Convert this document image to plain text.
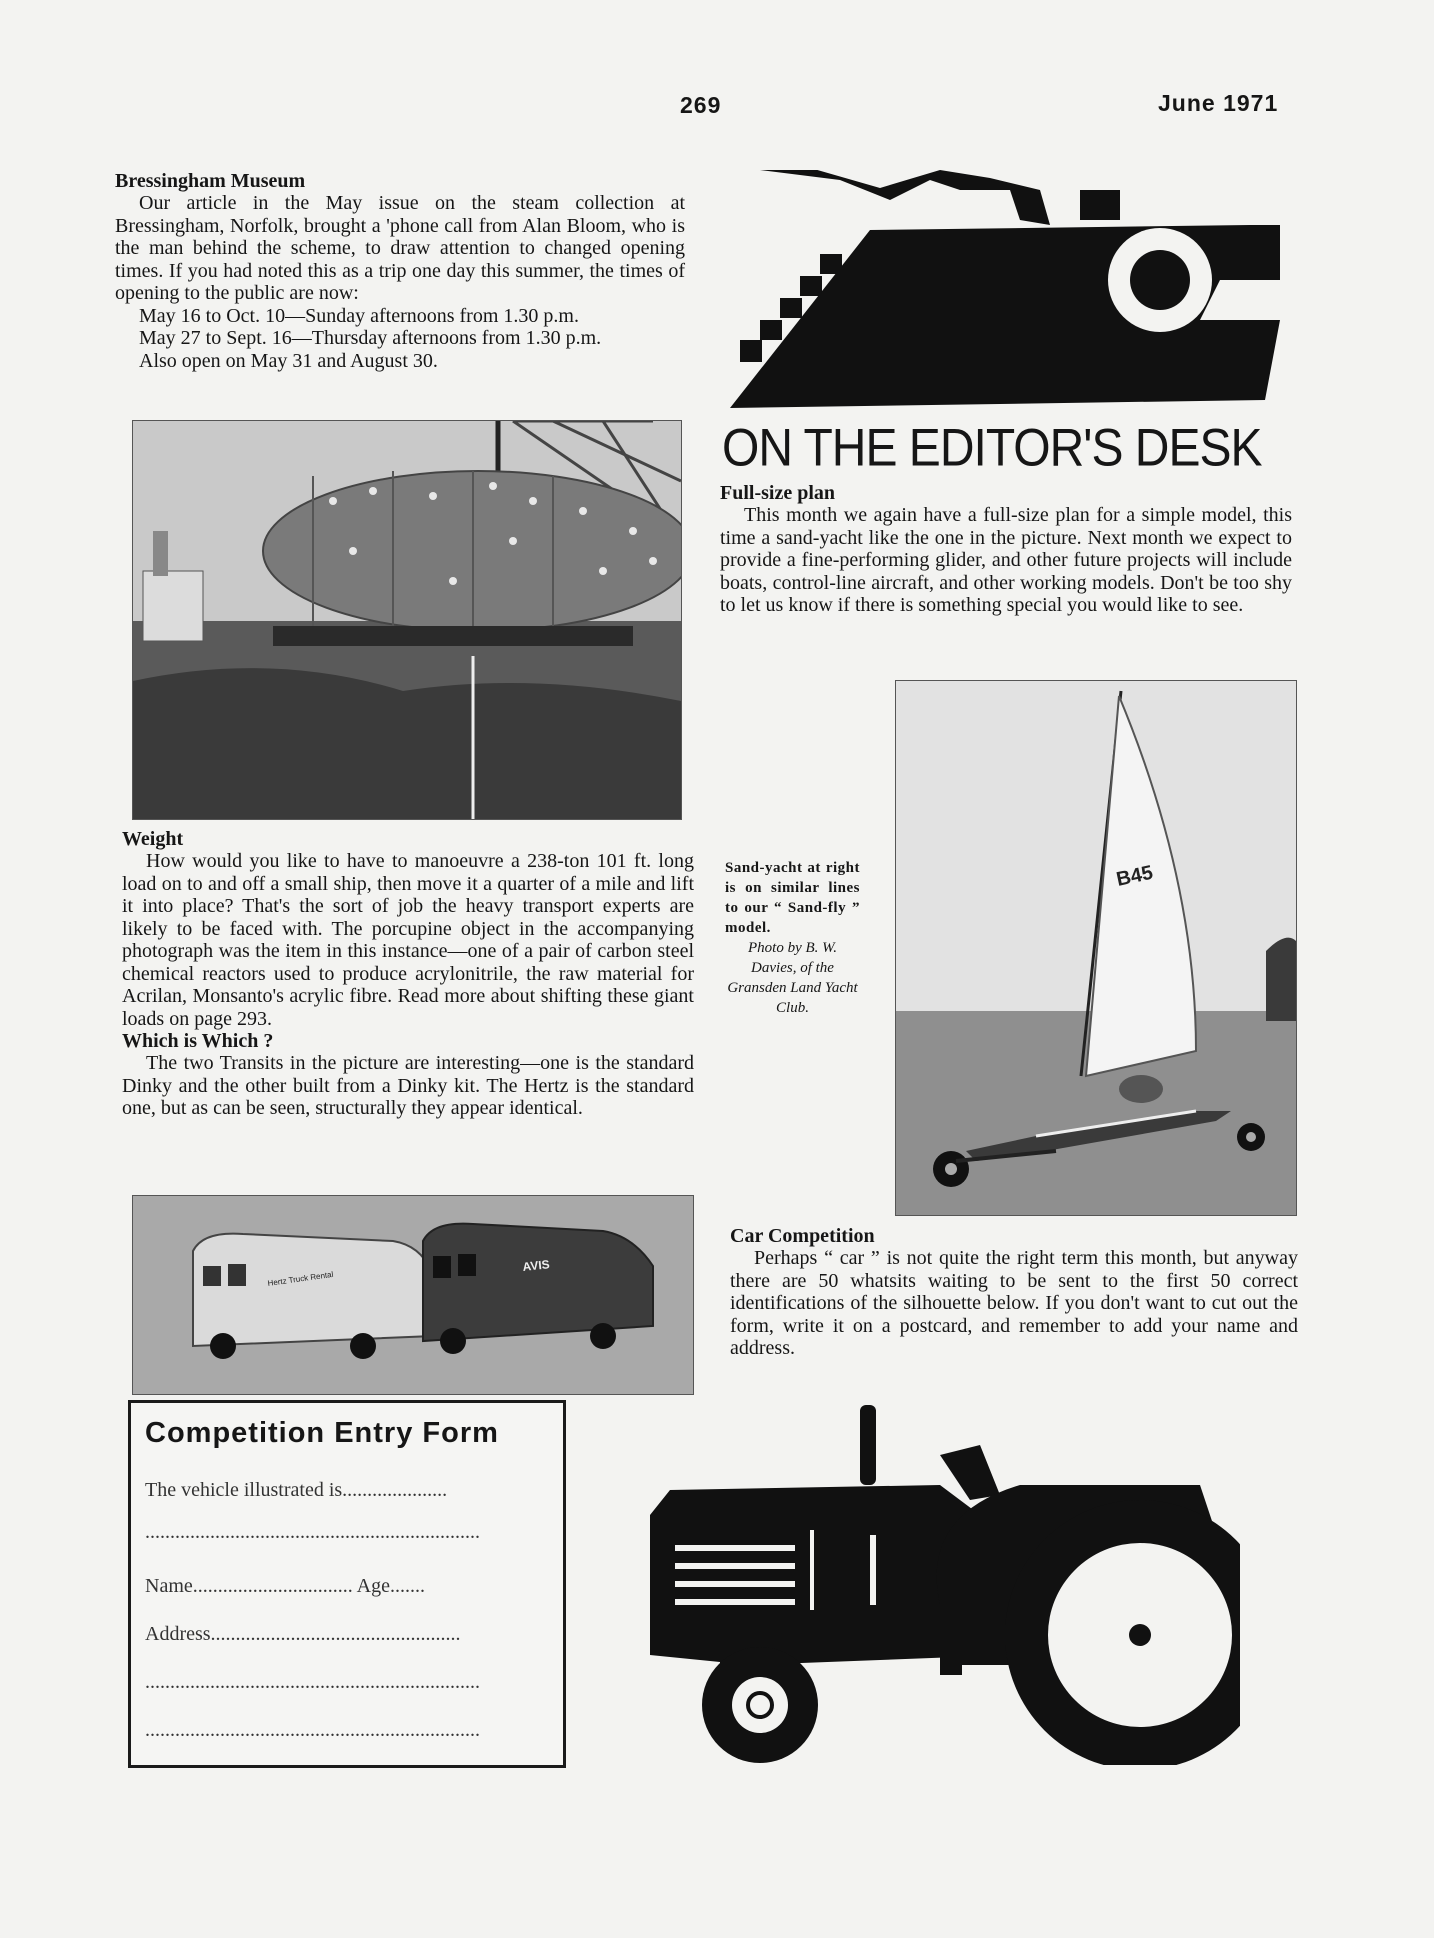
269	June 1971
Bressingham Museum

Our article in the May issue on the steam collection at Bressingham, Norfolk, brought a 'phone call from Alan Bloom, who is the man behind the scheme, to draw attention to changed opening times. If you had noted this as a trip one day this summer, the times of opening to the public are now:

May 16 to Oct. 10—Sunday afternoons from 1.30 p.m.

May 27 to Sept. 16—Thursday afternoons from 1.30 p.m.

Also open on May 31 and August 30.

ON THE EDITOR'S DESK
Full-size plan

This month we again have a full-size plan for a simple model, this time a sand-yacht like the one in the picture. Next month we expect to provide a fine-performing glider, and other future projects will include boats, control-line aircraft, and other working models. Don't be too shy to let us know if there is something special you would like to see.

Sand-yacht at right is on similar lines to our “ Sand-fly ” model.
Photo by B. W. Davies, of the Gransden Land Yacht Club.
B45
Weight

How would you like to have to manoeuvre a 238-ton 101 ft. long load on to and off a small ship, then move it a quarter of a mile and lift it into place? That's the sort of job the heavy transport experts are likely to be faced with. The porcupine object in the accompanying photograph was the item in this instance—one of a pair of carbon steel chemical reactors used to produce acrylonitrile, the raw material for Acrilan, Monsanto's acrylic fibre. Read more about shifting these giant loads on page 293.

Which is Which ?

The two Transits in the picture are interesting—one is the standard Dinky and the other built from a Dinky kit. The Hertz is the standard one, but as can be seen, structurally they appear identical.

Hertz Truck Rental
AVIS
Car Competition

Perhaps “ car ” is not quite the right term this month, but anyway there are 50 whatsits waiting to be sent to the first 50 correct identifications of the silhouette below. If you don't want to cut out the form, write it on a postcard, and remember to add your name and address.

Competition Entry Form
The vehicle illustrated is.....................
...................................................................
Name................................ Age.......
Address..................................................
...................................................................
...................................................................
